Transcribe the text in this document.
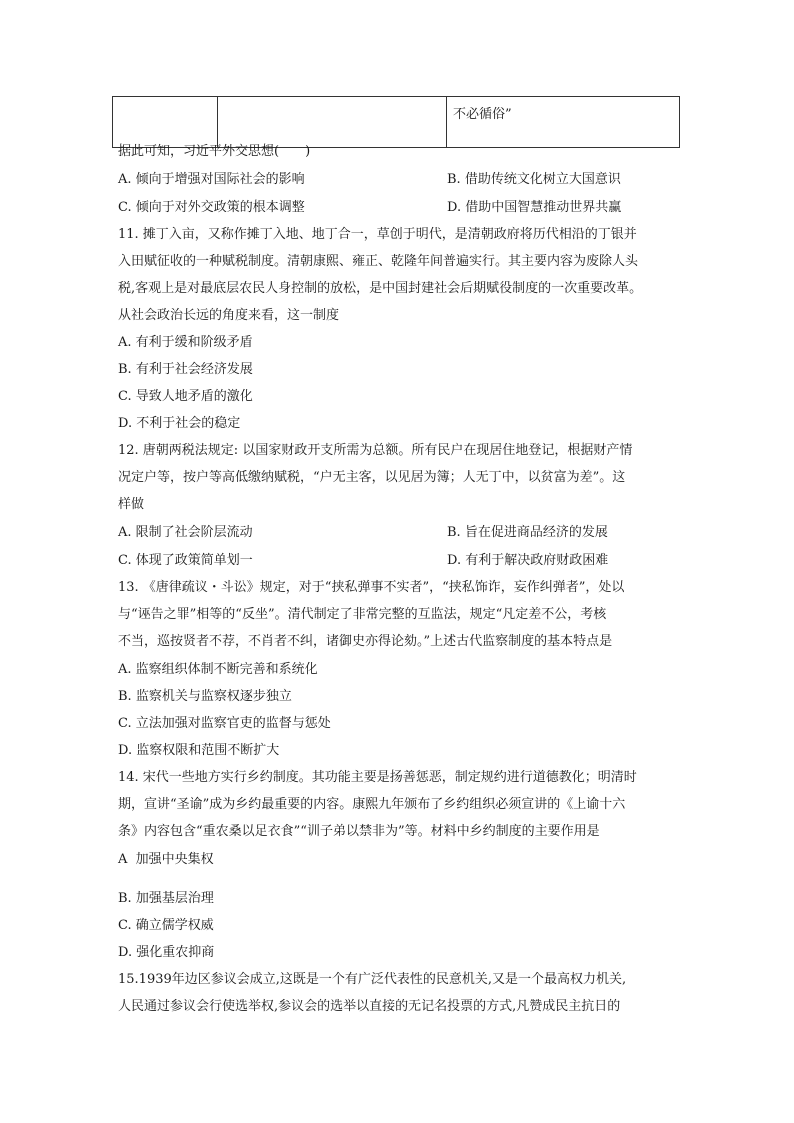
		不必循俗”
据此可知，习近平外交思想(　　)
A. 倾向于增强对国际社会的影响	B. 借助传统文化树立大国意识
C. 倾向于对外交政策的根本调整	D. 借助中国智慧推动世界共赢
11. 摊丁入亩，又称作摊丁入地、地丁合一，草创于明代，是清朝政府将历代相沿的丁银并
入田赋征收的一种赋税制度。清朝康熙、雍正、乾隆年间普遍实行。其主要内容为废除人头
税,客观上是对最底层农民人身控制的放松，是中国封建社会后期赋役制度的一次重要改革。
从社会政治长远的角度来看，这一制度
A. 有利于缓和阶级矛盾
B. 有利于社会经济发展
C. 导致人地矛盾的激化
D. 不利于社会的稳定
12. 唐朝两税法规定: 以国家财政开支所需为总额。所有民户在现居住地登记，根据财产情
况定户等，按户等高低缴纳赋税，“户无主客，以见居为簿；人无丁中，以贫富为差”。这
样做
A. 限制了社会阶层流动	B. 旨在促进商品经济的发展
C. 体现了政策简单划一	D. 有利于解决政府财政困难
13. 《唐律疏议・斗讼》规定，对于“挟私弹事不实者”，“挟私饰诈，妄作纠弹者”，处以
与“诬告之罪”相等的“反坐”。清代制定了非常完整的互监法，规定“凡定差不公，考核
不当，巡按贤者不荐，不肖者不纠，诸御史亦得论劾。”上述古代监察制度的基本特点是
A. 监察组织体制不断完善和系统化
B. 监察机关与监察权逐步独立
C. 立法加强对监察官吏的监督与惩处
D. 监察权限和范围不断扩大
14. 宋代一些地方实行乡约制度。其功能主要是扬善惩恶，制定规约进行道德教化；明清时
期，宣讲“圣谕”成为乡约最重要的内容。康熙九年颁布了乡约组织必须宣讲的《上谕十六
条》内容包含“重农桑以足衣食”“训子弟以禁非为”等。材料中乡约制度的主要作用是
A 加强中央集权
B. 加强基层治理
C. 确立儒学权威
D. 强化重农抑商
15.1939年边区参议会成立,这既是一个有广泛代表性的民意机关,又是一个最高权力机关,
人民通过参议会行使选举权,参议会的选举以直接的无记名投票的方式,凡赞成民主抗日的
